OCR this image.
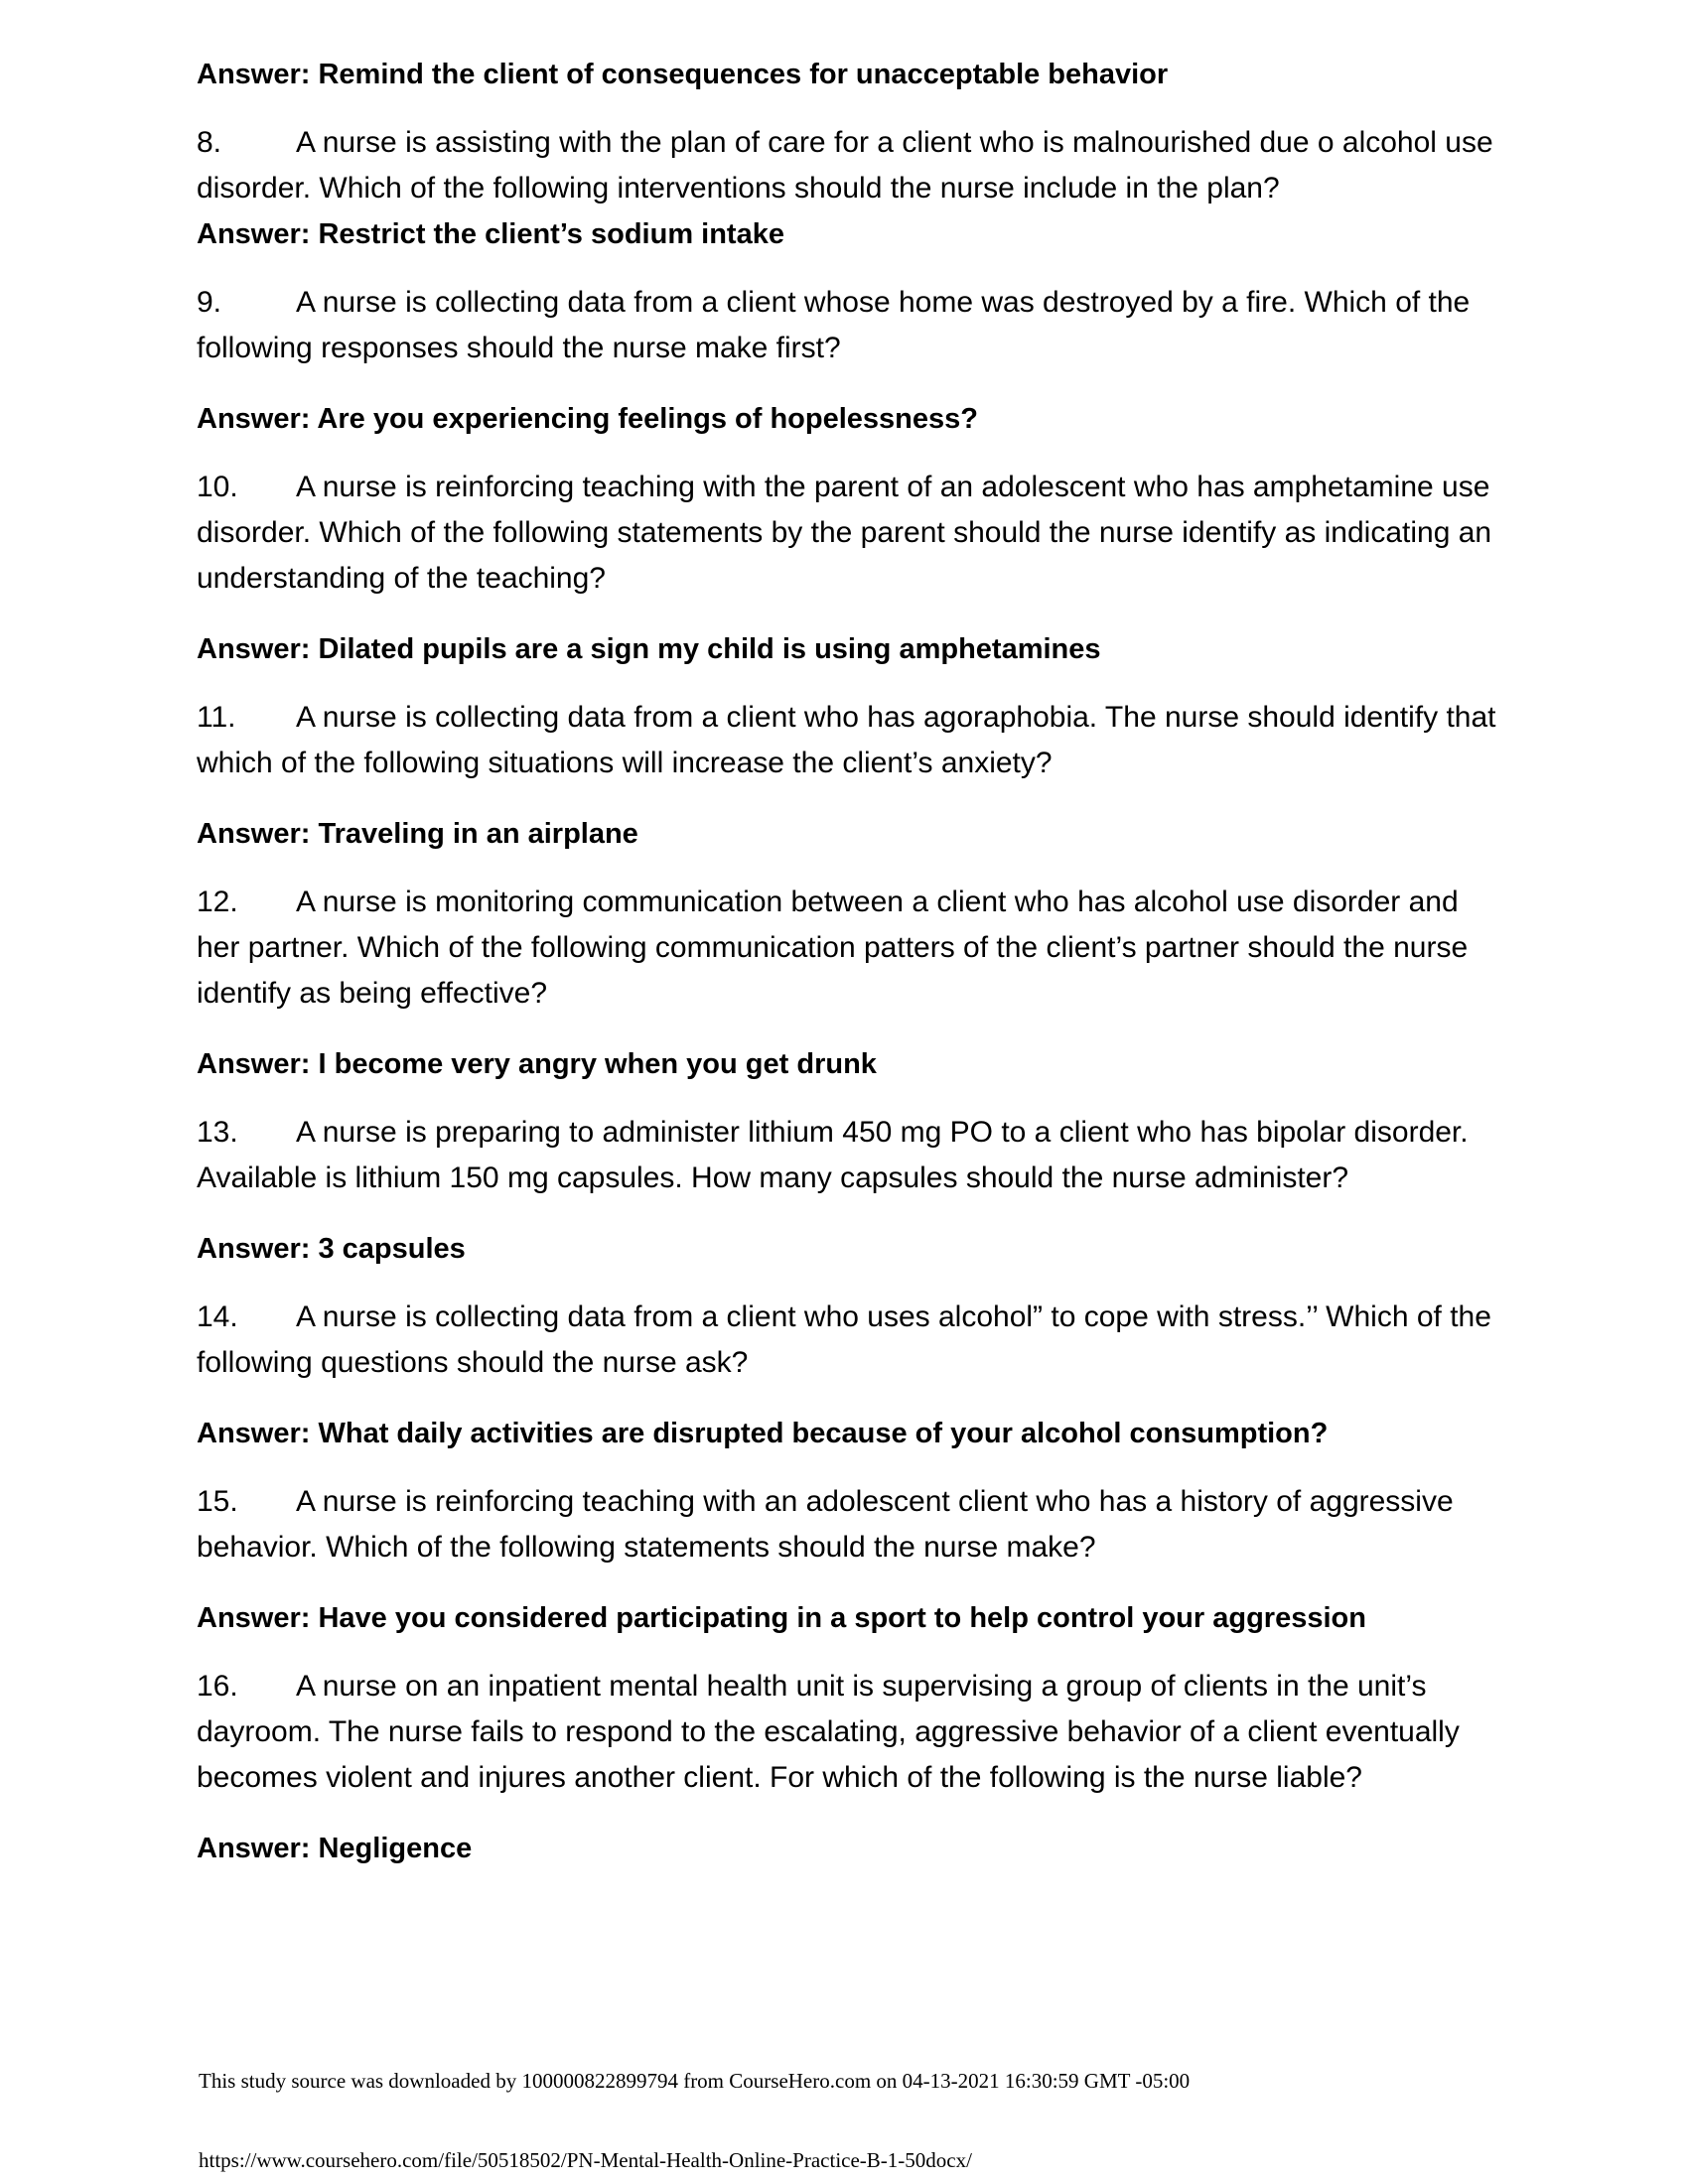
Answer: Remind the client of consequences for unacceptable behavior

8. A nurse is assisting with the plan of care for a client who is malnourished due o alcohol use disorder. Which of the following interventions should the nurse include in the plan?

Answer: Restrict the client’s sodium intake

9. A nurse is collecting data from a client whose home was destroyed by a fire. Which of the following responses should the nurse make first?

Answer: Are you experiencing feelings of hopelessness?

10. A nurse is reinforcing teaching with the parent of an adolescent who has amphetamine use disorder. Which of the following statements by the parent should the nurse identify as indicating an understanding of the teaching?

Answer: Dilated pupils are a sign my child is using amphetamines

11. A nurse is collecting data from a client who has agoraphobia. The nurse should identify that which of the following situations will increase the client’s anxiety?

Answer: Traveling in an airplane

12. A nurse is monitoring communication between a client who has alcohol use disorder and her partner. Which of the following communication patters of the client’s partner should the nurse identify as being effective?

Answer: I become very angry when you get drunk

13. A nurse is preparing to administer lithium 450 mg PO to a client who has bipolar disorder. Available is lithium 150 mg capsules. How many capsules should the nurse administer?

Answer: 3 capsules

14. A nurse is collecting data from a client who uses alcohol” to cope with stress.’’ Which of the following questions should the nurse ask?

Answer: What daily activities are disrupted because of your alcohol consumption?

15. A nurse is reinforcing teaching with an adolescent client who has a history of aggressive behavior. Which of the following statements should the nurse make?

Answer: Have you considered participating in a sport to help control your aggression

16. A nurse on an inpatient mental health unit is supervising a group of clients in the unit’s dayroom. The nurse fails to respond to the escalating, aggressive behavior of a client eventually becomes violent and injures another client. For which of the following is the nurse liable?

Answer: Negligence

This study source was downloaded by 100000822899794 from CourseHero.com on 04-13-2021 16:30:59 GMT -05:00
https://www.coursehero.com/file/50518502/PN-Mental-Health-Online-Practice-B-1-50docx/
